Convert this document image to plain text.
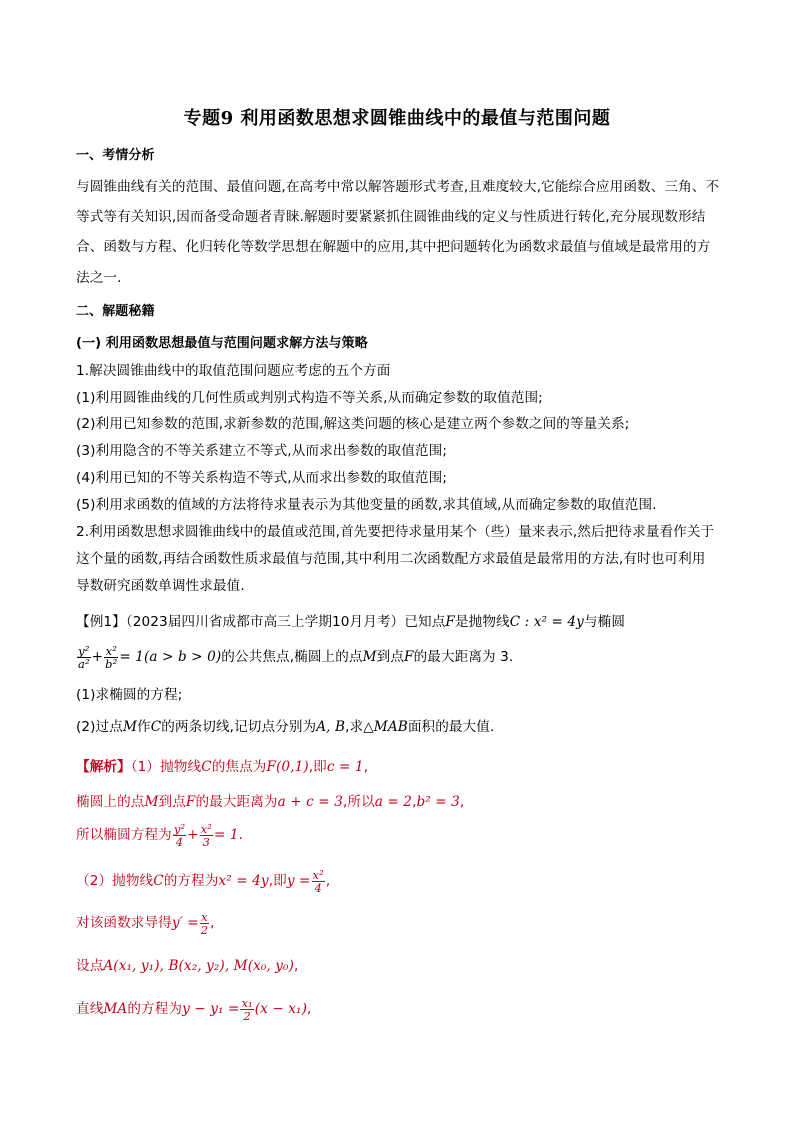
专题9 利用函数思想求圆锥曲线中的最值与范围问题
一、考情分析
与圆锥曲线有关的范围、最值问题,在高考中常以解答题形式考查,且难度较大,它能综合应用函数、三角、不
等式等有关知识,因而备受命题者青睐.解题时要紧紧抓住圆锥曲线的定义与性质进行转化,充分展现数形结
合、函数与方程、化归转化等数学思想在解题中的应用,其中把问题转化为函数求最值与值域是最常用的方
法之一.
二、解题秘籍
(一) 利用函数思想最值与范围问题求解方法与策略
1.解决圆锥曲线中的取值范围问题应考虑的五个方面
(1)利用圆锥曲线的几何性质或判别式构造不等关系,从而确定参数的取值范围;
(2)利用已知参数的范围,求新参数的范围,解这类问题的核心是建立两个参数之间的等量关系;
(3)利用隐含的不等关系建立不等式,从而求出参数的取值范围;
(4)利用已知的不等关系构造不等式,从而求出参数的取值范围;
(5)利用求函数的值域的方法将待求量表示为其他变量的函数,求其值域,从而确定参数的取值范围.
2.利用函数思想求圆锥曲线中的最值或范围,首先要把待求量用某个（些）量来表示,然后把待求量看作关于
这个量的函数,再结合函数性质求最值与范围,其中利用二次函数配方求最值是最常用的方法,有时也可利用
导数研究函数单调性求最值.
【例1】（2023届四川省成都市高三上学期10月月考）已知点F是抛物线C : x² = 4y与椭圆
$\frac{\text{y²}}{\text{a²}} + \frac{\text{x²}}{\text{b²}} = 1(a > b > 0)$的公共焦点,椭圆上的点M到点F的最大距离为 3.
(1)求椭圆的方程;
(2)过点M作C的两条切线,记切点分别为A, B,求△MAB面积的最大值.
【解析】（1）抛物线C的焦点为F(0,1),即c = 1,
椭圆上的点M到点F的最大距离为a + c = 3,所以a = 2,b² = 3,
所以椭圆方程为 $\frac{\text{y²}}{4} + \frac{\text{x²}}{3} = 1$.
（2）抛物线C的方程为x² = 4y,即$y = \frac{\text{x²}}{4}$ ,
对该函数求导得$y' = \frac{x}{2}$ ,
设点A(x₁, y₁), B(x₂, y₂), M(x₀, y₀),
直线MA的方程为$y - y_1 = \frac{\text{x₁}}{2} (x - x_1)$,
